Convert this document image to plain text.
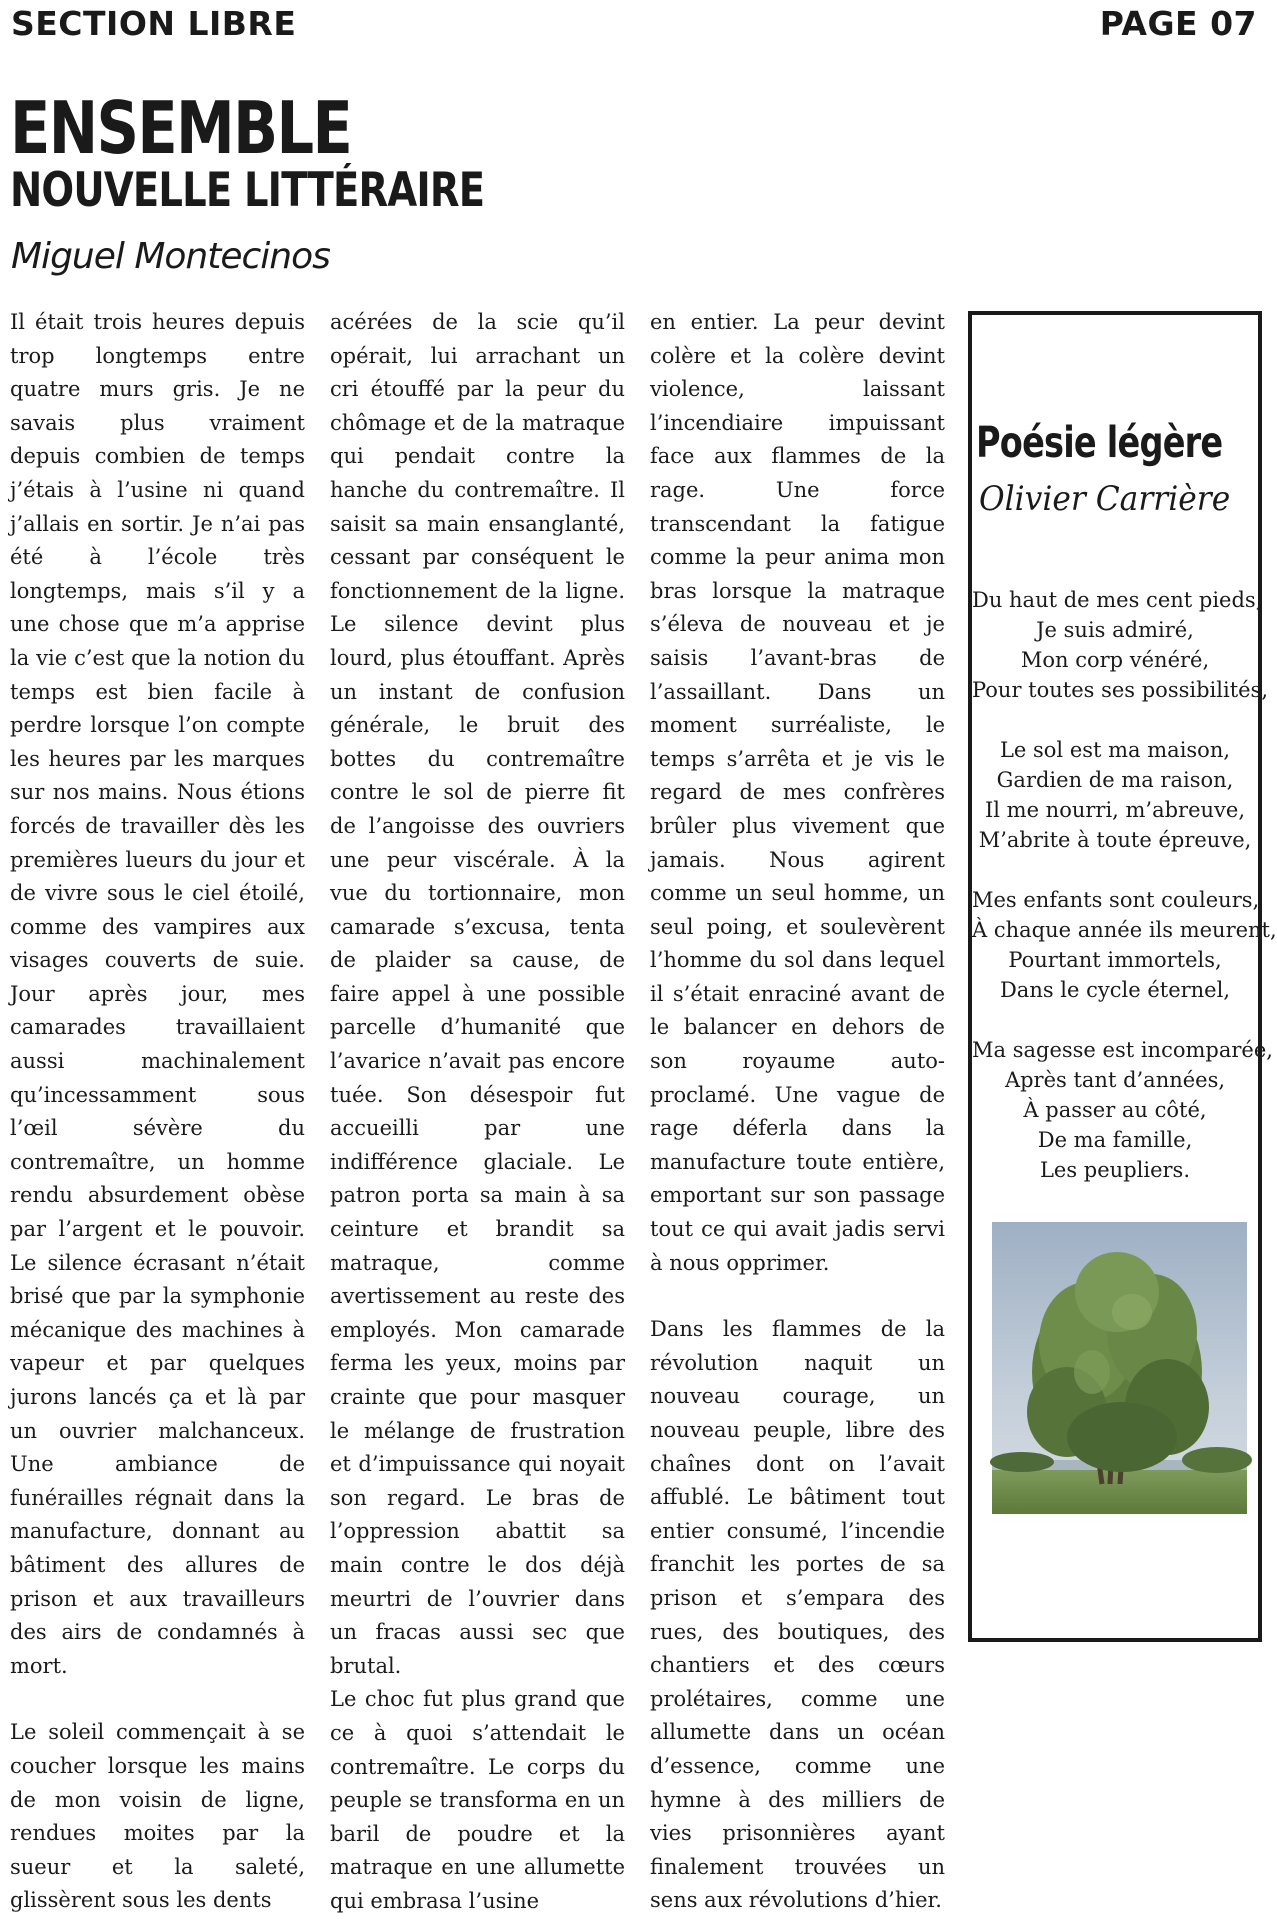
SECTION LIBRE	PAGE 07
ENSEMBLE
NOUVELLE LITTÉRAIRE
Miguel Montecinos

Il était trois heures depuis trop longtemps entre quatre murs gris. Je ne savais plus vraiment depuis combien de temps j’étais à l’usine ni quand j’allais en sortir. Je n’ai pas été à l’école très longtemps, mais s’il y a une chose que m’a apprise la vie c’est que la notion du temps est bien facile à perdre lorsque l’on compte les heures par les marques sur nos mains. Nous étions forcés de travailler dès les premières lueurs du jour et de vivre sous le ciel étoilé, comme des vampires aux visages couverts de suie. Jour après jour, mes camarades travaillaient aussi machinalement qu’incessamment sous l’œil sévère du contremaître, un homme rendu absurdement obèse par l’argent et le pouvoir. Le silence écrasant n’était brisé que par la symphonie mécanique des machines à vapeur et par quelques jurons lancés ça et là par un ouvrier malchanceux. Une ambiance de funérailles régnait dans la manufacture, donnant au bâtiment des allures de prison et aux travailleurs des airs de condamnés à mort.

Le soleil commençait à se coucher lorsque les mains de mon voisin de ligne, rendues moites par la sueur et la saleté, glissèrent sous les dents

acérées de la scie qu’il opérait, lui arrachant un cri étouffé par la peur du chômage et de la matraque qui pendait contre la hanche du contremaître. Il saisit sa main ensanglanté, cessant par conséquent le fonctionnement de la ligne. Le silence devint plus lourd, plus étouffant. Après un instant de confusion générale, le bruit des bottes du contremaître contre le sol de pierre fit de l’angoisse des ouvriers une peur viscérale. À la vue du tortionnaire, mon camarade s’excusa, tenta de plaider sa cause, de faire appel à une possible parcelle d’humanité que l’avarice n’avait pas encore tuée. Son désespoir fut accueilli par une indifférence glaciale. Le patron porta sa main à sa ceinture et brandit sa matraque, comme avertissement au reste des employés. Mon camarade ferma les yeux, moins par crainte que pour masquer le mélange de frustration et d’impuissance qui noyait son regard. Le bras de l’oppression abattit sa main contre le dos déjà meurtri de l’ouvrier dans un fracas aussi sec que brutal.

Le choc fut plus grand que ce à quoi s’attendait le contremaître. Le corps du peuple se transforma en un baril de poudre et la matraque en une allumette qui embrasa l’usine

en entier. La peur devint colère et la colère devint violence, laissant l’incendiaire impuissant face aux flammes de la rage. Une force transcendant la fatigue comme la peur anima mon bras lorsque la matraque s’éleva de nouveau et je saisis l’avant-bras de l’assaillant. Dans un moment surréaliste, le temps s’arrêta et je vis le regard de mes confrères brûler plus vivement que jamais. Nous agirent comme un seul homme, un seul poing, et soulevèrent l’homme du sol dans lequel il s’était enraciné avant de le balancer en dehors de son royaume auto-proclamé. Une vague de rage déferla dans la manufacture toute entière, emportant sur son passage tout ce qui avait jadis servi à nous opprimer.

Dans les flammes de la révolution naquit un nouveau courage, un nouveau peuple, libre des chaînes dont on l’avait affublé. Le bâtiment tout entier consumé, l’incendie franchit les portes de sa prison et s’empara des rues, des boutiques, des chantiers et des cœurs prolétaires, comme une allumette dans un océan d’essence, comme une hymne à des milliers de vies prisonnières ayant finalement trouvées un sens aux révolutions d’hier.

Poésie légère
Olivier Carrière
Du haut de mes cent pieds,
Je suis admiré,
Mon corp vénéré,
Pour toutes ses possibilités,
Le sol est ma maison,
Gardien de ma raison,
Il me nourri, m’abreuve,
M’abrite à toute épreuve,
Mes enfants sont couleurs,
À chaque année ils meurent,
Pourtant immortels,
Dans le cycle éternel,
Ma sagesse est incomparée,
Après tant d’années,
À passer au côté,
De ma famille,
Les peupliers.
